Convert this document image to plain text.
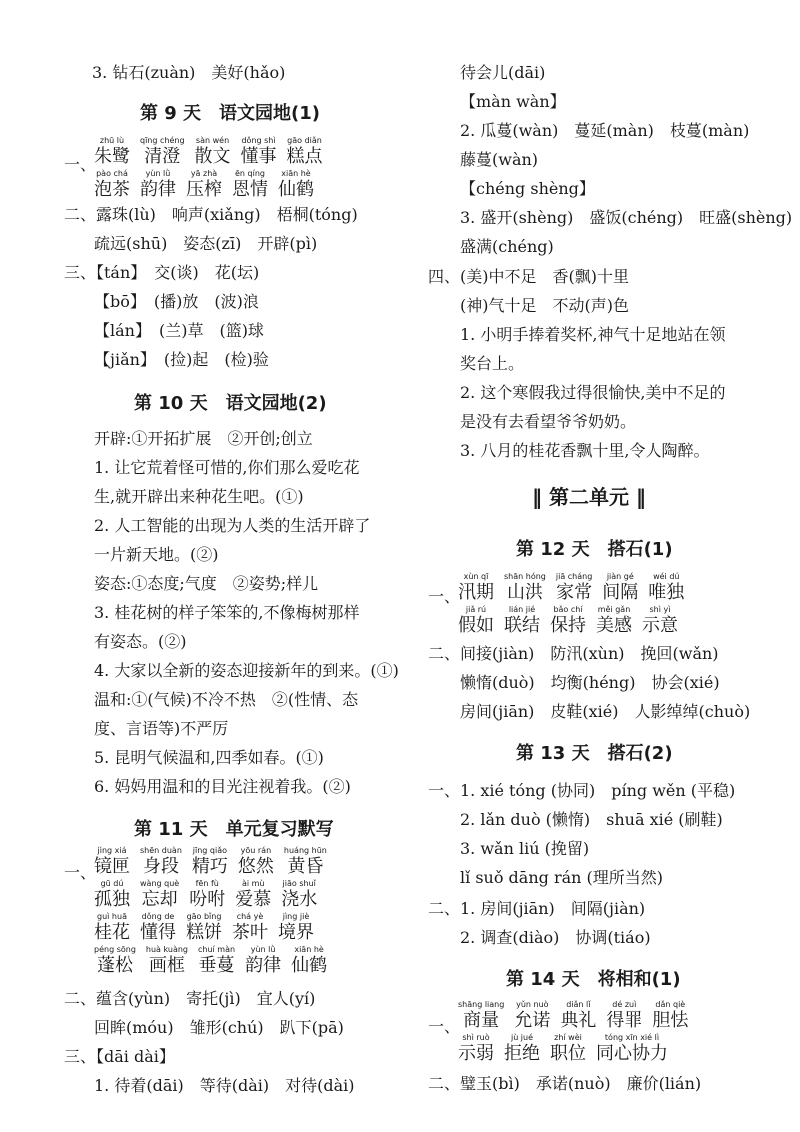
3. 钻石(zuàn)　美好(hǎo)
第 9 天　语文园地(1)
一、
zhū lù
朱鹭
qīng chéng
清澄
sàn wén
散文
dǒng shì
懂事
gāo diǎn
糕点
pào chá
泡茶
yùn lǜ
韵律
yā zhà
压榨
ēn qíng
恩情
xiān hè
仙鹤
二、露珠(lù)　响声(xiǎng)　梧桐(tóng)
疏远(shū)　姿态(zī)　开辟(pì)
三、【tán】　交(谈)　花(坛)
【bō】　(播)放　(波)浪
【lán】　(兰)草　(篮)球
【jiǎn】　(捡)起　(检)验
第 10 天　语文园地(2)
开辟:①开拓扩展　②开创;创立
1. 让它荒着怪可惜的,你们那么爱吃花
生,就开辟出来种花生吧。(①)
2. 人工智能的出现为人类的生活开辟了
一片新天地。(②)
姿态:①态度;气度　②姿势;样儿
3. 桂花树的样子笨笨的,不像梅树那样
有姿态。(②)
4. 大家以全新的姿态迎接新年的到来。(①)
温和:①(气候)不冷不热　②(性情、态
度、言语等)不严厉
5. 昆明气候温和,四季如春。(①)
6. 妈妈用温和的目光注视着我。(②)
第 11 天　单元复习默写
一、
jìng xiá
镜匣
shēn duàn
身段
jīng qiǎo
精巧
yōu rán
悠然
huáng hūn
黄昏
gū dú
孤独
wàng què
忘却
fēn fù
吩咐
ài mù
爱慕
jiāo shuǐ
浇水
guì huā
桂花
dǒng de
懂得
gāo bǐng
糕饼
chá yè
茶叶
jìng jiè
境界
péng sōng
蓬松
huà kuàng
画框
chuí màn
垂蔓
yùn lǜ
韵律
xiān hè
仙鹤
二、蕴含(yùn)　寄托(jì)　宜人(yí)
回眸(móu)　雏形(chú)　趴下(pā)
三、【dāi dài】
1. 待着(dāi)　等待(dài)　对待(dài)
待会儿(dāi)
【màn wàn】
2. 瓜蔓(wàn)　蔓延(màn)　枝蔓(màn)
藤蔓(wàn)
【chéng shèng】
3. 盛开(shèng)　盛饭(chéng)　旺盛(shèng)
盛满(chéng)
四、(美)中不足　香(飘)十里
(神)气十足　不动(声)色
1. 小明手捧着奖杯,神气十足地站在领
奖台上。
2. 这个寒假我过得很愉快,美中不足的
是没有去看望爷爷奶奶。
3. 八月的桂花香飘十里,令人陶醉。
‖ 第二单元 ‖
第 12 天　搭石(1)
一、
xùn qī
汛期
shān hóng
山洪
jiā cháng
家常
jiàn gé
间隔
wéi dú
唯独
jiǎ rú
假如
lián jié
联结
bǎo chí
保持
měi gǎn
美感
shì yì
示意
二、间接(jiàn)　防汛(xùn)　挽回(wǎn)
懒惰(duò)　均衡(héng)　协会(xié)
房间(jiān)　皮鞋(xié)　人影绰绰(chuò)
第 13 天　搭石(2)
一、1. xié tóng (协同)　píng wěn (平稳)
2. lǎn duò (懒惰)　shuā xié (刷鞋)
3. wǎn liú (挽留)
lǐ suǒ dāng rán (理所当然)
二、1. 房间(jiān)　间隔(jiàn)
2. 调查(diào)　协调(tiáo)
第 14 天　将相和(1)
一、
shāng liang
商量
yǔn nuò
允诺
diǎn lǐ
典礼
dé zuì
得罪
dǎn qiè
胆怯
shì ruò
示弱
jù jué
拒绝
zhí wèi
职位
tóng xīn xié lì
同心协力
二、璧玉(bì)　承诺(nuò)　廉价(lián)
